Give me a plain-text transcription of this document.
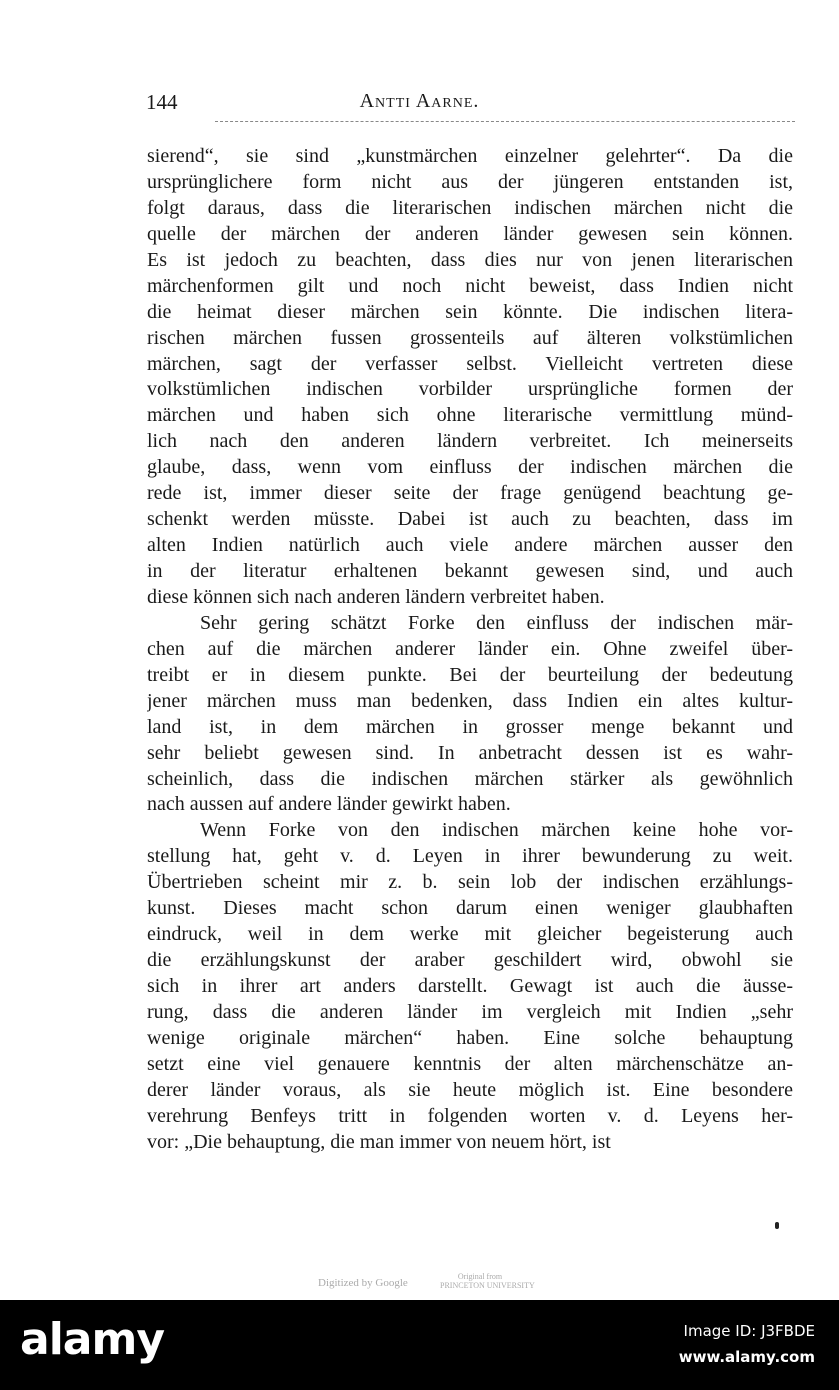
144	Antti Aarne.
sierend“, sie sind „kunstmärchen einzelner gelehrter“. Da die
ursprünglichere form nicht aus der jüngeren entstanden ist,
folgt daraus, dass die literarischen indischen märchen nicht die
quelle der märchen der anderen länder gewesen sein können.
Es ist jedoch zu beachten, dass dies nur von jenen literarischen
märchenformen gilt und noch nicht beweist, dass Indien nicht
die heimat dieser märchen sein könnte. Die indischen litera-
rischen märchen fussen grossenteils auf älteren volkstümlichen
märchen, sagt der verfasser selbst. Vielleicht vertreten diese
volkstümlichen indischen vorbilder ursprüngliche formen der
märchen und haben sich ohne literarische vermittlung münd-
lich nach den anderen ländern verbreitet. Ich meinerseits
glaube, dass, wenn vom einfluss der indischen märchen die
rede ist, immer dieser seite der frage genügend beachtung ge-
schenkt werden müsste. Dabei ist auch zu beachten, dass im
alten Indien natürlich auch viele andere märchen ausser den
in der literatur erhaltenen bekannt gewesen sind, und auch
diese können sich nach anderen ländern verbreitet haben.
Sehr gering schätzt Forke den einfluss der indischen mär-
chen auf die märchen anderer länder ein. Ohne zweifel über-
treibt er in diesem punkte. Bei der beurteilung der bedeutung
jener märchen muss man bedenken, dass Indien ein altes kultur-
land ist, in dem märchen in grosser menge bekannt und
sehr beliebt gewesen sind. In anbetracht dessen ist es wahr-
scheinlich, dass die indischen märchen stärker als gewöhnlich
nach aussen auf andere länder gewirkt haben.
Wenn Forke von den indischen märchen keine hohe vor-
stellung hat, geht v. d. Leyen in ihrer bewunderung zu weit.
Übertrieben scheint mir z. b. sein lob der indischen erzählungs-
kunst. Dieses macht schon darum einen weniger glaubhaften
eindruck, weil in dem werke mit gleicher begeisterung auch
die erzählungskunst der araber geschildert wird, obwohl sie
sich in ihrer art anders darstellt. Gewagt ist auch die äusse-
rung, dass die anderen länder im vergleich mit Indien „sehr
wenige originale märchen“ haben. Eine solche behauptung
setzt eine viel genauere kenntnis der alten märchenschätze an-
derer länder voraus, als sie heute möglich ist. Eine besondere
verehrung Benfeys tritt in folgenden worten v. d. Leyens her-
vor: „Die behauptung, die man immer von neuem hört, ist
Digitized by Google
Original from
PRINCETON UNIVERSITY
alamy	Image ID: J3FBDE
www.alamy.com
